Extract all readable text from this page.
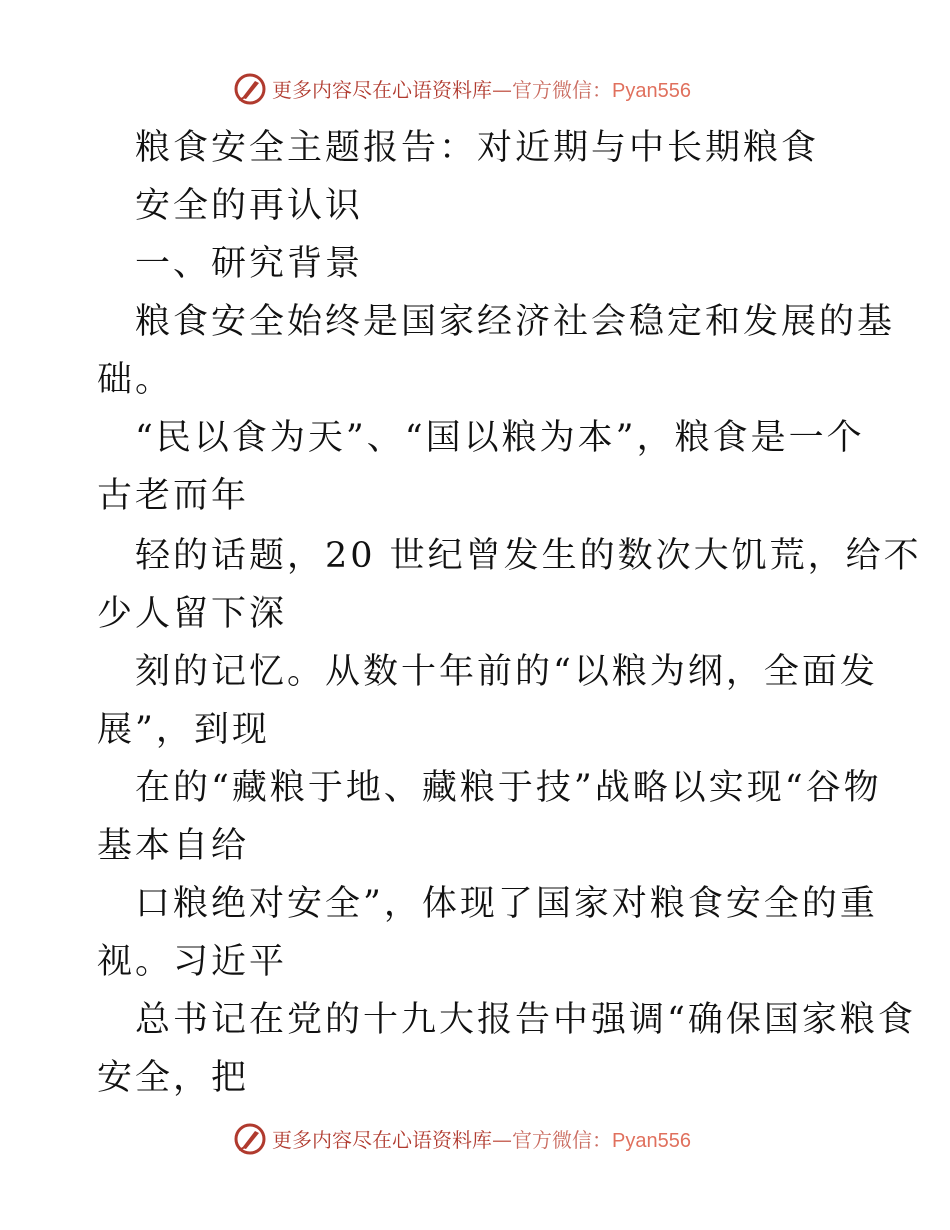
更多内容尽在心语资料库—官方微信：Pyan556
粮食安全主题报告：对近期与中长期粮食
安全的再认识
一、研究背景
粮食安全始终是国家经济社会稳定和发展的基
础。
“民以食为天”、“国以粮为本”，粮食是一个
古老而年
轻的话题，20 世纪曾发生的数次大饥荒，给不
少人留下深
刻的记忆。从数十年前的“以粮为纲，全面发
展”，到现
在的“藏粮于地、藏粮于技”战略以实现“谷物
基本自给
口粮绝对安全”，体现了国家对粮食安全的重
视。习近平
总书记在党的十九大报告中强调“确保国家粮食
安全，把
更多内容尽在心语资料库—官方微信：Pyan556
